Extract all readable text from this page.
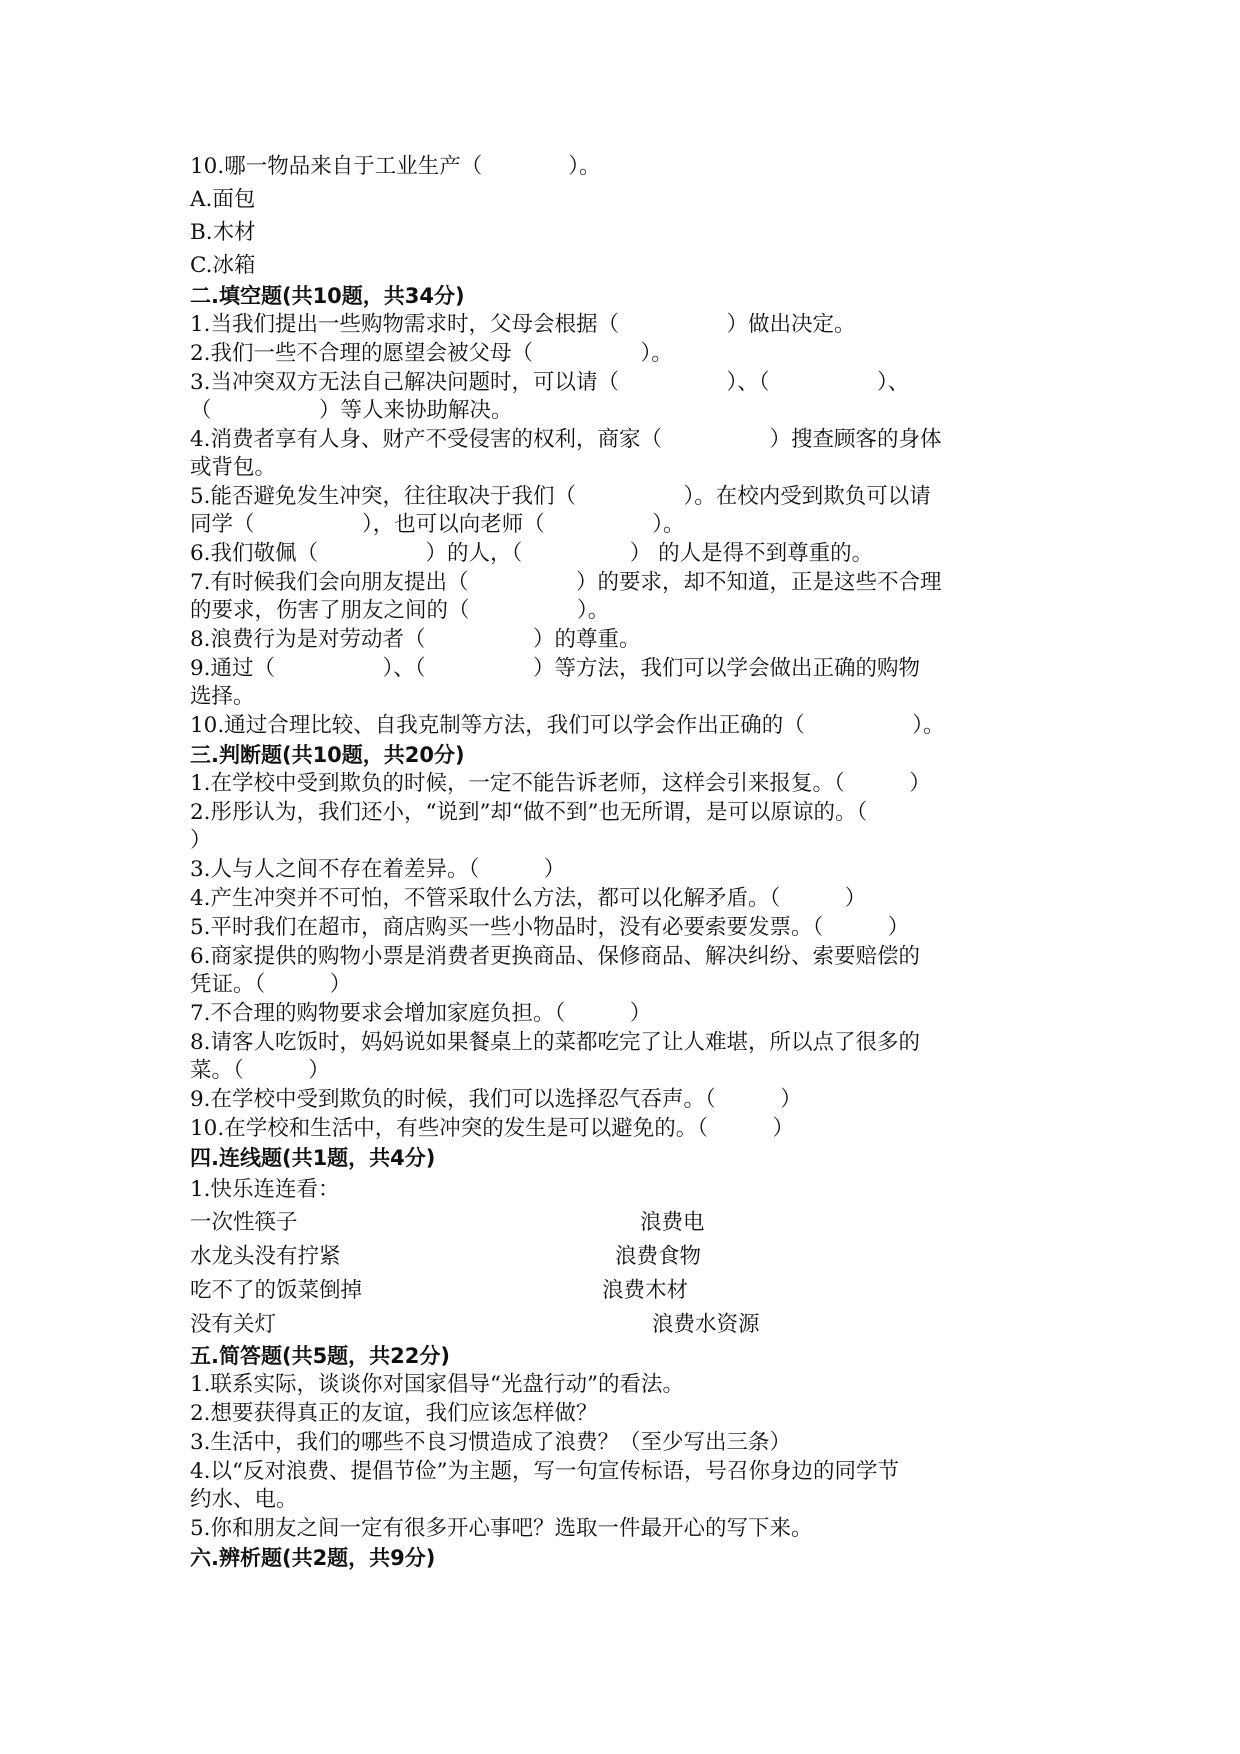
10.哪一物品来自于工业生产（　　　　）。
A.面包
B.木材
C.冰箱
二.填空题(共10题，共34分)
1.当我们提出一些购物需求时，父母会根据（　　　　　）做出决定。
2.我们一些不合理的愿望会被父母（　　　　　）。
3.当冲突双方无法自己解决问题时，可以请（　　　　　）、（　　　　　）、
（　　　　　）等人来协助解决。
4.消费者享有人身、财产不受侵害的权利，商家（　　　　　）搜查顾客的身体
或背包。
5.能否避免发生冲突，往往取决于我们（　　　　　）。在校内受到欺负可以请
同学（　　　　　），也可以向老师（　　　　　）。
6.我们敬佩（　　　　　）的人，（　　　　　） 的人是得不到尊重的。
7.有时候我们会向朋友提出（　　　　　）的要求，却不知道，正是这些不合理
的要求，伤害了朋友之间的（　　　　　）。
8.浪费行为是对劳动者（　　　　　）的尊重。
9.通过（　　　　　）、（　　　　　）等方法，我们可以学会做出正确的购物
选择。
10.通过合理比较、自我克制等方法，我们可以学会作出正确的（　　　　　）。
三.判断题(共10题，共20分)
1.在学校中受到欺负的时候，一定不能告诉老师，这样会引来报复。（　　　）
2.彤彤认为，我们还小，“说到”却“做不到”也无所谓，是可以原谅的。（
）
3.人与人之间不存在着差异。（　　　）
4.产生冲突并不可怕，不管采取什么方法，都可以化解矛盾。（　　　）
5.平时我们在超市，商店购买一些小物品时，没有必要索要发票。（　　　）
6.商家提供的购物小票是消费者更换商品、保修商品、解决纠纷、索要赔偿的
凭证。（　　　）
7.不合理的购物要求会增加家庭负担。（　　　）
8.请客人吃饭时，妈妈说如果餐桌上的菜都吃完了让人难堪，所以点了很多的
菜。（　　　）
9.在学校中受到欺负的时候，我们可以选择忍气吞声。（　　　）
10.在学校和生活中，有些冲突的发生是可以避免的。（　　　）
四.连线题(共1题，共4分)
1.快乐连连看：
一次性筷子	浪费电
水龙头没有拧紧	浪费食物
吃不了的饭菜倒掉	浪费木材
没有关灯	浪费水资源
五.简答题(共5题，共22分)
1.联系实际，谈谈你对国家倡导“光盘行动”的看法。
2.想要获得真正的友谊，我们应该怎样做？
3.生活中，我们的哪些不良习惯造成了浪费？（至少写出三条）
4.以“反对浪费、提倡节俭”为主题，写一句宣传标语，号召你身边的同学节
约水、电。
5.你和朋友之间一定有很多开心事吧？选取一件最开心的写下来。
六.辨析题(共2题，共9分)
